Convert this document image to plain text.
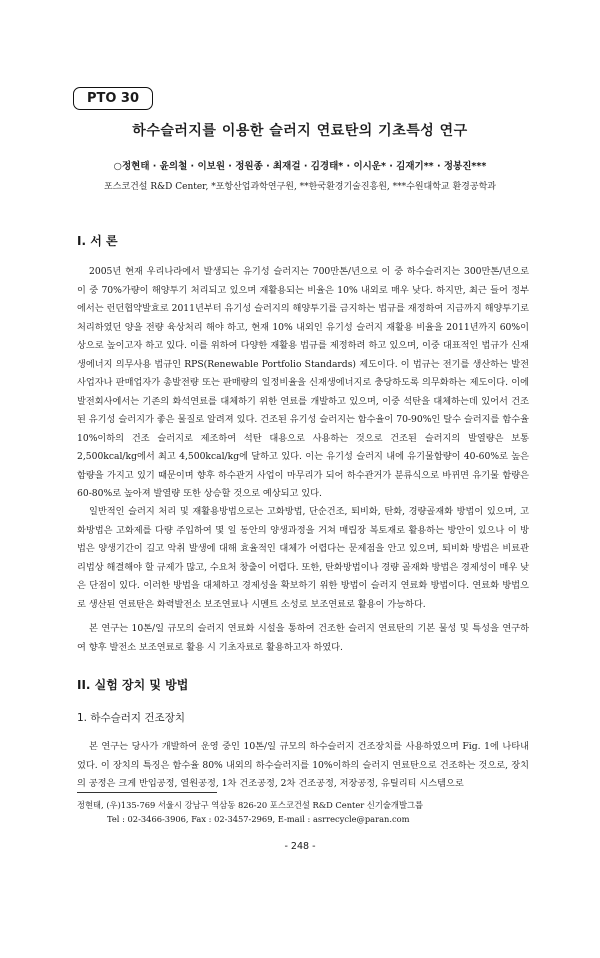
PTO 30
하수슬러지를 이용한 슬러지 연료탄의 기초특성 연구
○정현태 · 윤의철 · 이보원 · 정원종 · 최재걸 · 김경태* · 이시운* · 김재기** · 정봉진***
포스코건설 R&D Center, *포항산업과학연구원, **한국환경기술진흥원, ***수원대학교 환경공학과
I. 서 론

2005년 현재 우리나라에서 발생되는 유기성 슬러지는 700만톤/년으로 이 중 하수슬러지는 300만톤/년으로 이 중 70%가량이 해양투기 처리되고 있으며 재활용되는 비율은 10% 내외로 매우 낮다. 하지만, 최근 들어 정부에서는 런던협약발효로 2011년부터 유기성 슬러지의 해양투기를 금지하는 법규를 재정하여 지금까지 해양투기로 처리하였던 양을 전량 육상처리 해야 하고, 현재 10% 내외인 유기성 슬러지 재활용 비율을 2011년까지 60%이상으로 높이고자 하고 있다. 이를 위하여 다양한 재활용 법규를 제정하려 하고 있으며, 이중 대표적인 법규가 신재생에너지 의무사용 법규인 RPS(Renewable Portfolio Standards) 제도이다. 이 법규는 전기를 생산하는 발전사업자나 판매업자가 총발전량 또는 판매량의 일정비율을 신재생에너지로 충당하도록 의무화하는 제도이다. 이에 발전회사에서는 기존의 화석연료를 대체하기 위한 연료를 개발하고 있으며, 이중 석탄을 대체하는데 있어서 건조된 유기성 슬러지가 좋은 물질로 알려져 있다. 건조된 유기성 슬러지는 함수율이 70-90%인 탈수 슬러지를 함수율 10%이하의 건조 슬러지로 제조하여 석탄 대용으로 사용하는 것으로 건조된 슬러지의 발열량은 보통 2,500kcal/kg에서 최고 4,500kcal/kg에 달하고 있다. 이는 유기성 슬러지 내에 유기물함량이 40-60%로 높은 함량을 가지고 있기 때문이며 향후 하수관거 사업이 마무리가 되어 하수관거가 분류식으로 바뀌면 유기물 함량은 60-80%로 높아져 발열량 또한 상승할 것으로 예상되고 있다.

일반적인 슬러지 처리 및 재활용방법으로는 고화방법, 단순건조, 퇴비화, 탄화, 경량골재화 방법이 있으며, 고화방법은 고화제를 다량 주입하여 몇 일 동안의 양생과정을 거쳐 매립장 복토재로 활용하는 방안이 있으나 이 방법은 양생기간이 길고 악취 발생에 대해 효율적인 대체가 어렵다는 문제점을 안고 있으며, 퇴비화 방법은 비료관리법상 해결해야 할 규제가 많고, 수요처 창출이 어렵다. 또한, 탄화방법이나 경량 골재화 방법은 경제성이 매우 낮은 단점이 있다. 이러한 방법을 대체하고 경제성을 확보하기 위한 방법이 슬러지 연료화 방법이다. 연료화 방법으로 생산된 연료탄은 화력발전소 보조연료나 시멘트 소성로 보조연료로 활용이 가능하다.

본 연구는 10톤/일 규모의 슬러지 연료화 시설을 통하여 건조한 슬러지 연료탄의 기본 물성 및 특성을 연구하여 향후 발전소 보조연료로 활용 시 기초자료로 활용하고자 하였다.

II. 실험 장치 및 방법
1. 하수슬러지 건조장치

본 연구는 당사가 개발하여 운영 중인 10톤/일 규모의 하수슬러지 건조장치를 사용하였으며 Fig. 1에 나타내었다. 이 장치의 특징은 함수율 80% 내외의 하수슬러지를 10%이하의 슬러지 연료탄으로 건조하는 것으로, 장치의 공정은 크게 반입공정, 열원공정, 1차 건조공정, 2차 건조공정, 저장공정, 유틸리티 시스템으로

정현태, (우)135-769 서울시 강남구 역삼동 826-20 포스코건설 R&D Center 신기술개발그룹
Tel : 02-3466-3906, Fax : 02-3457-2969, E-mail : asrrecycle@paran.com
- 248 -
